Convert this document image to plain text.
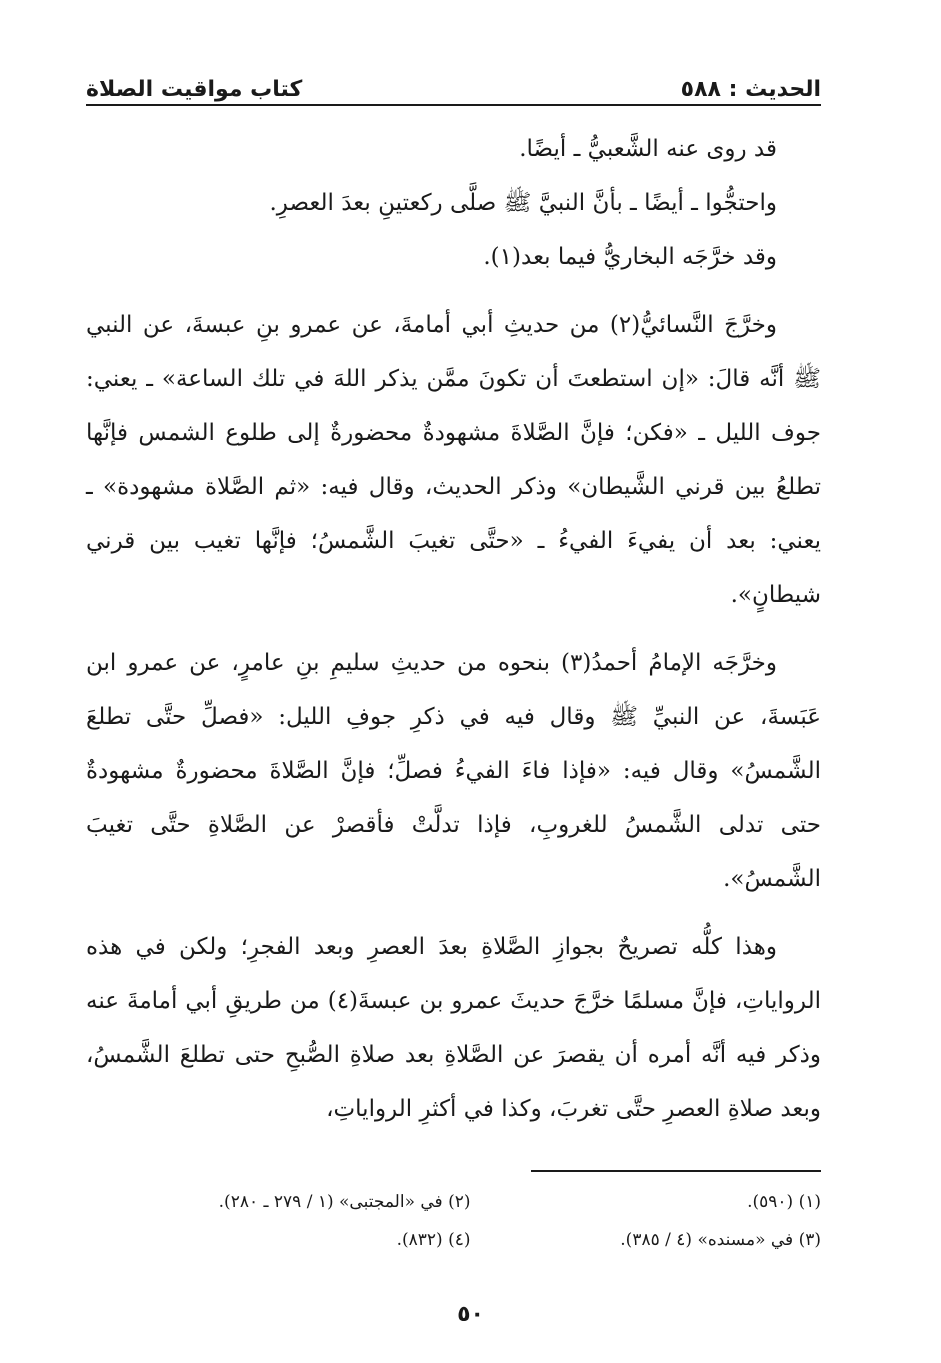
الحديث : ٥٨٨
كتاب مواقيت الصلاة

قد روى عنه الشَّعبيُّ ـ أيضًا.

واحتجُّوا ـ أيضًا ـ بأنَّ النبيَّ ﷺ صلَّى ركعتينِ بعدَ العصرِ.

وقد خرَّجَه البخاريُّ فيما بعد(١).

وخرَّجَ النَّسائيُّ(٢) من حديثِ أبي أمامةَ، عن عمرو بنِ عبسةَ، عن النبي ﷺ أنَّه قالَ: «إن استطعتَ أن تكونَ ممَّن يذكر اللهَ في تلك الساعة» ـ يعني: جوف الليل ـ «فكن؛ فإنَّ الصَّلاةَ مشهودةٌ محضورةٌ إلى طلوع الشمس فإنَّها تطلعُ بين قرني الشَّيطان» وذكر الحديث، وقال فيه: «ثم الصَّلاة مشهودة» ـ يعني: بعد أن يفيءَ الفيءُ ـ «حتَّى تغيبَ الشَّمسُ؛ فإنَّها تغيب بين قرني شيطانٍ».

وخرَّجَه الإمامُ أحمدُ(٣) بنحوه من حديثِ سليمِ بنِ عامرٍ، عن عمرو ابن عَبَسةَ، عن النبيِّ ﷺ وقال فيه في ذكرِ جوفِ الليل: «فصلِّ حتَّى تطلعَ الشَّمسُ» وقال فيه: «فإذا فاءَ الفيءُ فصلِّ؛ فإنَّ الصَّلاةَ محضورةٌ مشهودةٌ حتى تدلى الشَّمسُ للغروبِ، فإذا تدلَّتْ فأقصرْ عن الصَّلاةِ حتَّى تغيبَ الشَّمسُ».

وهذا كلُّه تصريحٌ بجوازِ الصَّلاةِ بعدَ العصرِ وبعد الفجرِ؛ ولكن في هذه الرواياتِ، فإنَّ مسلمًا خرَّجَ حديثَ عمرو بن عبسةَ(٤) من طريقِ أبي أمامةَ عنه وذكر فيه أنَّه أمره أن يقصرَ عن الصَّلاةِ بعد صلاةِ الصُّبحِ حتى تطلعَ الشَّمسُ، وبعد صلاةِ العصرِ حتَّى تغربَ، وكذا في أكثرِ الرواياتِ،

(١) (٥٩٠).
(٢) في «المجتبى» (١ / ٢٧٩ ـ ٢٨٠).
(٣) في «مسنده» (٤ / ٣٨٥).
(٤) (٨٣٢).
٥٠
